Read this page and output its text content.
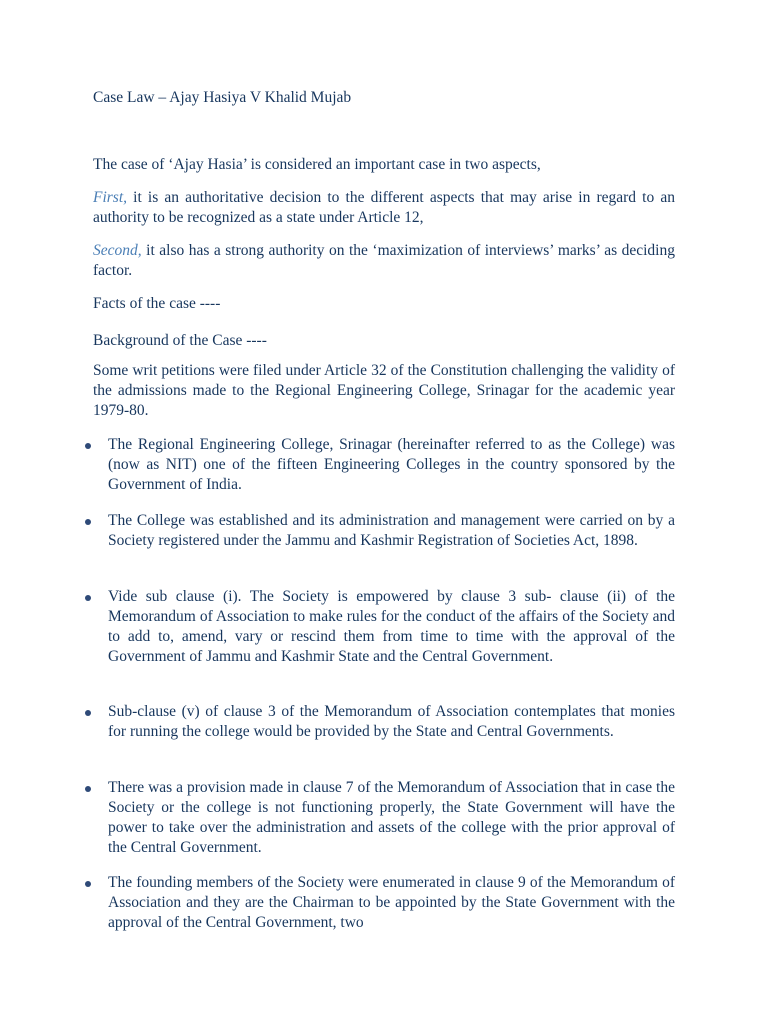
Case Law – Ajay Hasiya V Khalid Mujab

The case of ‘Ajay Hasia’ is considered an important case in two aspects,

First, it is an authoritative decision to the different aspects that may arise in regard to an authority to be recognized as a state under Article 12,

Second, it also has a strong authority on the ‘maximization of interviews’ marks’ as deciding factor.

Facts of the case ----

Background of the Case ----

Some writ petitions were filed under Article 32 of the Constitution challenging the validity of the admissions made to the Regional Engineering College, Srinagar for the academic year 1979-80.

The Regional Engineering College, Srinagar (hereinafter referred to as the College) was (now as NIT) one of the fifteen Engineering Colleges in the country sponsored by the Government of India.

The College was established and its administration and management were carried on by a Society registered under the Jammu and Kashmir Registration of Societies Act, 1898.

Vide sub clause (i). The Society is empowered by clause 3 sub- clause (ii) of the Memorandum of Association to make rules for the conduct of the affairs of the Society and to add to, amend, vary or rescind them from time to time with the approval of the Government of Jammu and Kashmir State and the Central Government.

Sub-clause (v) of clause 3 of the Memorandum of Association contemplates that monies for running the college would be provided by the State and Central Governments.

There was a provision made in clause 7 of the Memorandum of Association that in case the Society or the college is not functioning properly, the State Government will have the power to take over the administration and assets of the college with the prior approval of the Central Government.

The founding members of the Society were enumerated in clause 9 of the Memorandum of Association and they are the Chairman to be appointed by the State Government with the approval of the Central Government, two
